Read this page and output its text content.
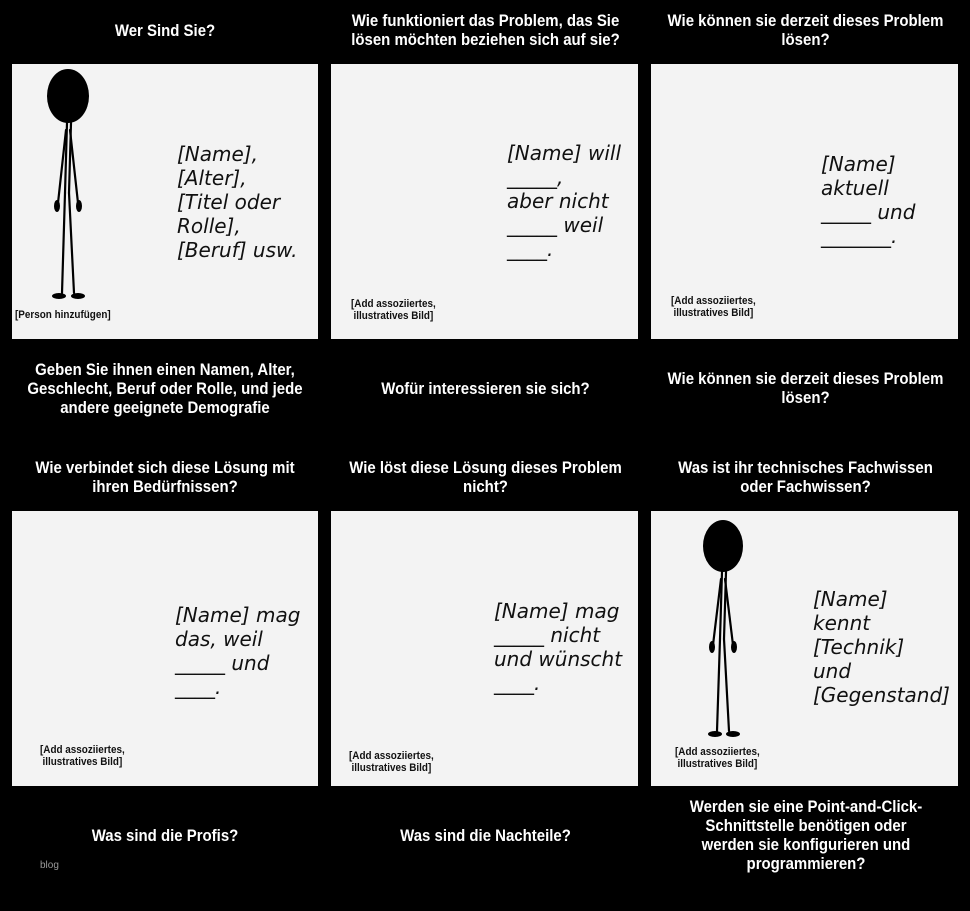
Wer Sind Sie?	Wie funktioniert das Problem, das Sie lösen möchten beziehen sich auf sie?
Wie können sie derzeit dieses Problem lösen?
[Name],
[Alter],
[Titel oder
Rolle],
[Beruf] usw.
[Person hinzufügen]
[Name] will
_____,
aber nicht
_____ weil
____.
[Add assoziiertes,
illustratives Bild]
[Name]
aktuell
_____ und
_______.
[Add assoziiertes,
illustratives Bild]
Geben Sie ihnen einen Namen, Alter, Geschlecht, Beruf oder Rolle, und jede andere geeignete Demografie
Wofür interessieren sie sich?	Wie können sie derzeit dieses Problem lösen?
Wie verbindet sich diese Lösung mit ihren Bedürfnissen?
Wie löst diese Lösung dieses Problem nicht?
Was ist ihr technisches Fachwissen oder Fachwissen?
[Name] mag
das, weil
_____ und
____.
[Add assoziiertes,
illustratives Bild]
[Name] mag
_____ nicht
und wünscht
____.
[Add assoziiertes,
illustratives Bild]
[Name]
kennt
[Technik]
und
[Gegenstand]
[Add assoziiertes,
illustratives Bild]
Was sind die Profis?	Was sind die Nachteile?
Werden sie eine Point-and-Click-Schnittstelle benötigen oder werden sie konfigurieren und programmieren?
blog
